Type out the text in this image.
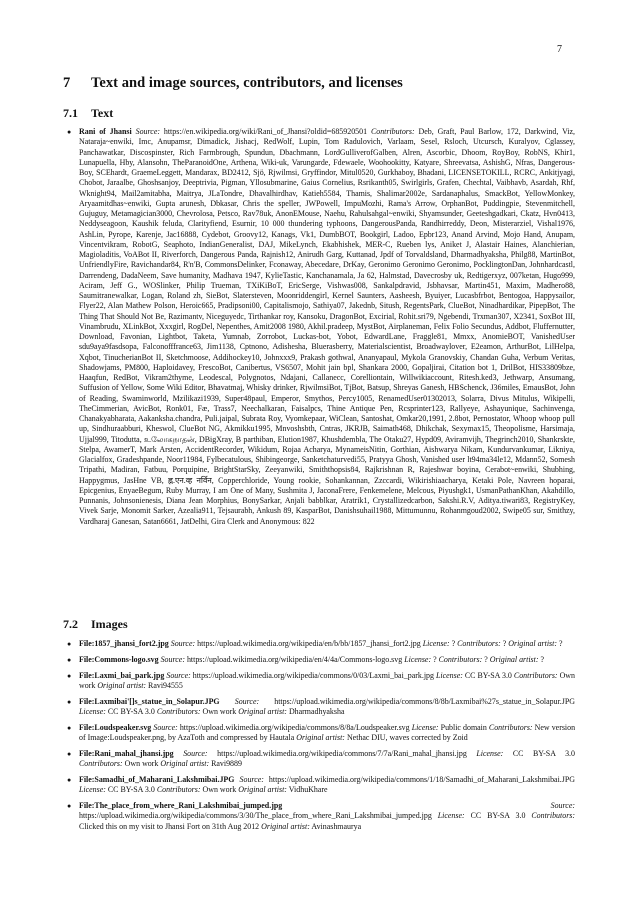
7
7 Text and image sources, contributors, and licenses
7.1 Text
● Rani of Jhansi Source: https://en.wikipedia.org/wiki/Rani_of_Jhansi?oldid=685920501 Contributors: Deb, Graft, Paul Barlow, 172, Darkwind, Viz, Nataraja~enwiki, Imc, Anupamsr, Dimadick, Jishacj, RedWolf, Lupin, Tom Radulovich, Varlaam, Sesel, Rsloch, Utcursch, Kuralyov, Cglassey, Panchawatkar, Discospinster, Rich Farmbrough, Spundun, Dbachmann, LordGulliverofGalben, Alren, Ascorbic, Dhoom, RoyBoy, RobNS, Khir1, Lunapuella, Hby, Alansohn, TheParanoidOne, Arthena, Wiki-uk, Varungarde, Fdewaele, Woohookitty, Katyare, Shreevatsa, AshishG, Nfras, Dangerous-Boy, SCEhardt, GraemeLeggett, Mandarax, BD2412, Sjö, Rjwilmsi, Gryffindor, Mitul0520, Gurkhaboy, Bhadani, LICENSETOKILL, RCRC, Ankitjyagi, Chobot, Jaraalbe, Ghoshsanjoy, Deeptrivia, Pigman, Yllosubmarine, Gaius Cornelius, Rsrikanth05, Swirlgirls, Grafen, Chechtal, Vaibhavb, Asardah, Rhf, Wknight94, Mail2amitabha, Maitrya, JLaTondre, Dhavalhirdhav, Katieh5584, Thamis, Shalimar2002e, Sardanaphalus, SmackBot, YellowMonkey, Aryaamitdhas~enwiki, Gupta arunesh, Dbkasar, Chris the speller, JWPowell, ImpuMozhi, Rama's Arrow, OrphanBot, Puddingpie, Stevenmitchell, Gujuguy, Metamagician3000, Chevrolosa, Petsco, Rav78uk, AnonEMouse, Naehu, Rahulsahgal~enwiki, Shyamsunder, Geeteshgadkari, Ckatz, Hvn0413, Neddyseagoon, Kaushik feluda, Clarityfiend, Esurnir, 10 000 thundering typhoons, DangerousPanda, Randhirreddy, Deon, Misterarziel, Vishal1976, AshLin, Pyrope, Karenje, Jac16888, Cydebot, Groovy12, Kanags, Vk1, DumbBOT, Bookgirl, Ladoo, Epbr123, Anand Arvind, Mojo Hand, Anupam, Vincentvikram, RobotG, Seaphoto, IndianGeneralist, DAJ, MikeLynch, Ekabhishek, MER-C, Rueben lys, Aniket J, Alastair Haines, Alanchierian, Magioladitis, VoABot II, Riverforch, Dangerous Panda, Rajnish12, Anirudh Garg, Kuttanad, Jpdf of Torvaldsland, Dharmadhyaksha, Philg88, MartinBot, UnfriendlyFire, Ravichandar84, R'n'B, CommonsDelinker, Fconaway, Abecedare, DrKay, Geronimo Geronimo Geronimo, PocklingtonDan, Johnhardcastl, Darrendeng, DadaNeem, Save humanity, Madhava 1947, KylieTastic, Kanchanamala, Ja 62, Halmstad, Davecrosby uk, Redtigerxyz, 007ketan, Hugo999, Aciram, Jeff G., WOSlinker, Philip Trueman, TXiKiBoT, EricSerge, Vishwas008, Sankalpdravid, Jsbhavsar, Martin451, Maxim, Madhero88, Saumitranewalkar, Logan, Roland zh, SieBot, Slatersteven, Moonriddengirl, Kernel Saunters, Aasheesh, Byuiyer, Lucasbfrbot, Bentogoa, Happysailor, Flyer22, Alan Mathew Polson, Heroic665, Pradipsoni00, Capitalismojo, Sathiya07, Jakednb, Sitush, RegentsPark, ClueBot, Ninadhardikar, PipepBot, The Thing That Should Not Be, Razimantv, Niceguyedc, Tirthankar roy, Kansoku, DragonBot, Excirial, Rohit.sri79, Ngebendi, Trxman307, X2341, SoxBot III, Vinambrudu, XLinkBot, Xxxgirl, RogDel, Nepenthes, Amit2008 1980, Akhil.pradeep, MystBot, Airplaneman, Felix Folio Secundus, Addbot, Fluffernutter, Download, Favonian, Lightbot, Taketa, Yumnab, Zorrobot, Luckas-bot, Yobot, EdwardLane, Fraggle81, Mmxx, AnomieBOT, VanishedUser sdu9aya9fasdsopa, Falconofffrance63, Jim1138, Cptnono, Adishesha, Bluerasberry, Materialscientist, Broadwaylover, E2eamon, ArthurBot, LilHelpa, Xqbot, TinucherianBot II, Sketchmoose, Addihockey10, Johnxxx9, Prakash gothwal, Ananyapaul, Mykola Granovskiy, Chandan Guha, Verbum Veritas, Shadowjams, PM800, Haploidavey, FrescoBot, Canibertus, VS6507, Mohit jain bpl, Shankara 2000, Gopaljirai, Citation bot 1, DrilBot, HIS33809bze, Haaqfun, RedBot, Vikram2thyme, Leodescal, Polygnotos, Ndajani, Callanecc, Corelliontain, Willwikiaccount, Ritesh.ked3, Jethwarp, Ansumang, Suffusion of Yellow, Some Wiki Editor, Bhavatmaj, Whisky drinker, RjwilmsiBot, TjBot, Batsup, Shreyas Ganesh, HBSchenck, J36miles, EmausBot, John of Reading, Swaminworld, Mzilikazi1939, Super48paul, Emperor, Smythos, Percy1005, RenamedUser01302013, Solarra, Divus Mitulus, Wikipelli, TheCimmerian, AvicBot, Ronk01, Fæ, Trass7, Neechalkaran, Faisalpcs, Thine Antique Pen, Rcsprinter123, Rallyeye, Ashayunique, Sachinvenga, Chanakyabharata, Aakanksha.chandra, Puli.jaipal, Subrata Roy, Vyomkepaar, WiClean, Santoshat, Omkar20,1991, 2.8bot, Pernostator, Whoop whoop pull up, Sindhuraabburi, Kheswol, ClueBot NG, Akmikku1995, Mnvoshsbth, Cntras, JKRJB, Saimath468, Dhikchak, Sexymax15, Theopolisme, Harsimaja, Ujjal999, Titodutta, உலோகநாதன், DBigXray, B parthiban, Elution1987, Khushdembla, The Otaku27, Hypd09, Aviramvijh, Thegrinch2010, Shankrskte, Stelpa, AwamerT, Mark Arsten, AccidentRecorder, Wikidum, Rojaa Acharya, MynameisNitin, Gorthian, Aishwarya Nikam, Kundurvankumar, Likniya, Glacialfox, Gradeshpande, Noor11984, Fylbecatulous, Shibingeorge, Sanketchaturvedi55, Pratyya Ghosh, Vanished user lt94ma34le12, Mdann52, Somesh Tripathi, Madiran, Fatbuu, Porquipine, BrightStarSky, Zeeyanwiki, Smiththopsis84, Rajkrishnan R, Rajeshwar boyina, Cerabot~enwiki, Shubhing, Happygmus, JasHne VB, ह्न.एन.व्ह नर्विन, Copperchloride, Young rookie, Sohankannan, Zzccardi, Wikirishiaacharya, Ketaki Pole, Navreen hoparai, Epicgenius, EnyaeBegum, Ruby Murray, I am One of Many, Sushmita J, JaconaFrere, Fenkemelene, Melcous, Piyushgk1, UsmanPathanKhan, Akahdillo, Punnanis, Johnsonienesis, Diana Jean Morphius, BonySarkar, Anjali babblkar, Aratrik1, Crystallizedcarbon, Sakshi.R.V, Aditya.tiwari83, RegistryKey, Vivek Sarje, Monomit Sarker, Azealia911, Tejsaurabh, Ankush 89, KasparBot, Danishsuhail1988, Mittumunnu, Rohanmgoud2002, Swipe05 sur, Smithzy, Vardharaj Ganesan, Satan6661, JatDelhi, Gira Clerk and Anonymous: 822
7.2 Images
● File:1857_jhansi_fort2.jpg Source: https://upload.wikimedia.org/wikipedia/en/b/bb/1857_jhansi_fort2.jpg License: ? Contributors: ? Original artist: ?
● File:Commons-logo.svg Source: https://upload.wikimedia.org/wikipedia/en/4/4a/Commons-logo.svg License: ? Contributors: ? Original artist: ?
● File:Laxmi_bai_park.jpg Source: https://upload.wikimedia.org/wikipedia/commons/0/03/Laxmi_bai_park.jpg License: CC BY-SA 3.0 Contributors: Own work Original artist: Ravi94555
● File:Laxmibai'[]s_statue_in_Solapur.JPG Source: https://upload.wikimedia.org/wikipedia/commons/8/8b/Laxmibai%27s_statue_in_Solapur.JPG License: CC BY-SA 3.0 Contributors: Own work Original artist: Dharmadhyaksha
● File:Loudspeaker.svg Source: https://upload.wikimedia.org/wikipedia/commons/8/8a/Loudspeaker.svg License: Public domain Contributors: New version of Image:Loudspeaker.png, by AzaToth and compressed by Hautala Original artist: Nethac DIU, waves corrected by Zoid
● File:Rani_mahal_jhansi.jpg Source: https://upload.wikimedia.org/wikipedia/commons/7/7a/Rani_mahal_jhansi.jpg License: CC BY-SA 3.0 Contributors: Own work Original artist: Ravi9889
● File:Samadhi_of_Maharani_Lakshmibai.JPG Source: https://upload.wikimedia.org/wikipedia/commons/1/18/Samadhi_of_Maharani_Lakshmibai.JPG License: CC BY-SA 3.0 Contributors: Own work Original artist: VidhuKhare
● File:The_place_from_where_Rani_Lakshmibai_jumped.jpg	Source: https://upload.wikimedia.org/wikipedia/commons/3/30/The_place_from_where_Rani_Lakshmibai_jumped.jpg License: CC BY-SA 3.0 Contributors: Clicked this on my visit to Jhansi Fort on 31th Aug 2012 Original artist: Avinashmaurya
